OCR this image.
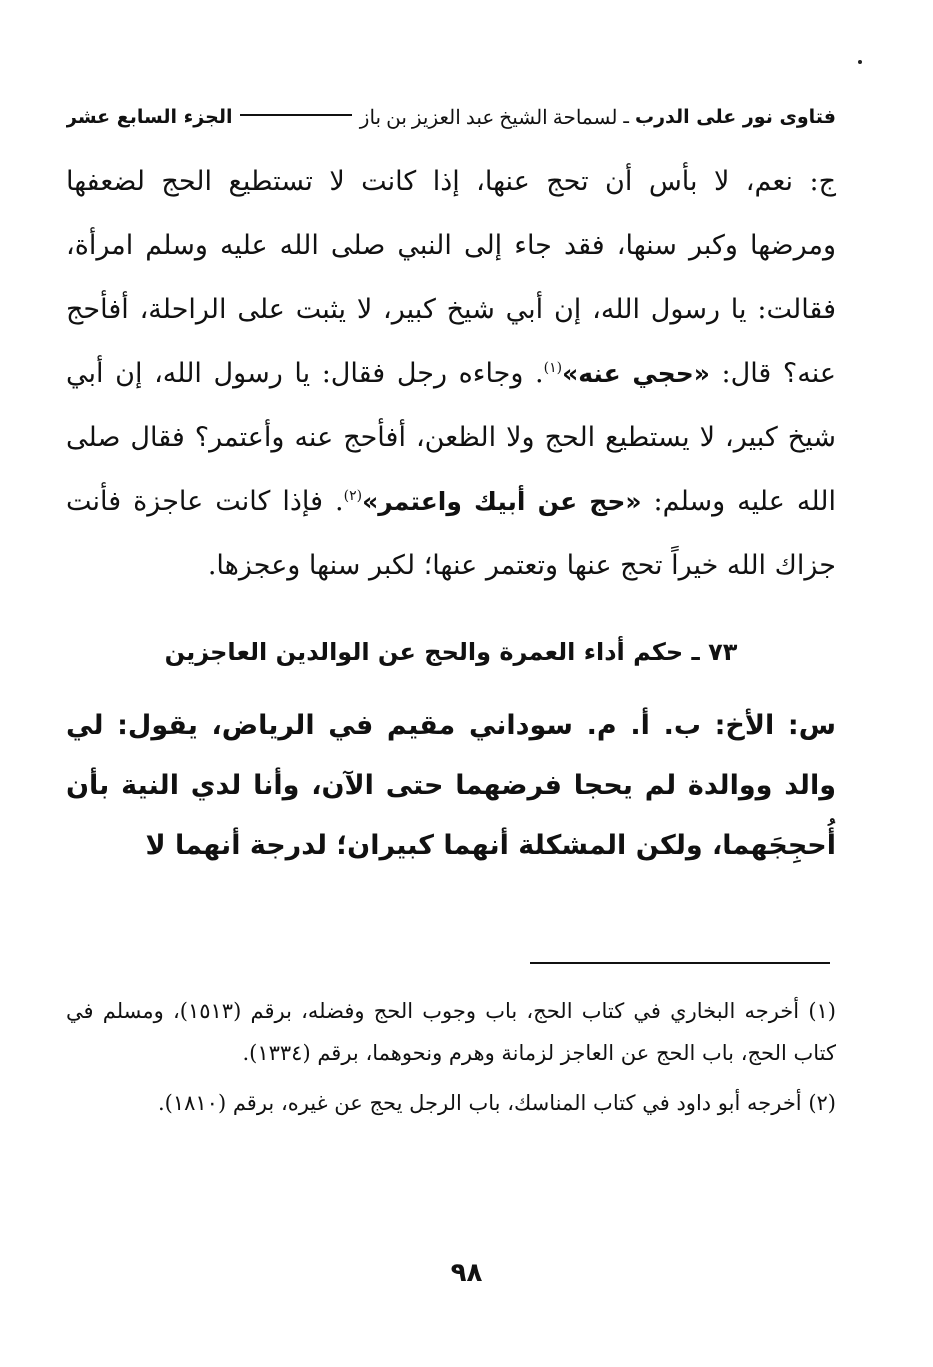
فتاوى نور على الدرب
ـ
لسماحة الشيخ عبد العزيز بن باز
الجزء السابع عشر
ج: نعم، لا بأس أن تحج عنها، إذا كانت لا تستطيع الحج لضعفها ومرضها وكبر سنها، فقد جاء إلى النبي صلى الله عليه وسلم امرأة، فقالت: يا رسول الله، إن أبي شيخ كبير، لا يثبت على الراحلة، أفأحج عنه؟ قال: «حجي عنه»$^{(١)}$. وجاءه رجل فقال: يا رسول الله، إن أبي شيخ كبير، لا يستطيع الحج ولا الظعن، أفأحج عنه وأعتمر؟ فقال صلى الله عليه وسلم: «حج عن أبيك واعتمر»$^{(٢)}$. فإذا كانت عاجزة فأنت جزاك الله خيراً تحج عنها وتعتمر عنها؛ لكبر سنها وعجزها.
٧٣ ـ حكم أداء العمرة والحج عن الوالدين العاجزين
س: الأخ: ب. أ. م. سوداني مقيم في الرياض، يقول: لي والد ووالدة لم يحجا فرضهما حتى الآن، وأنا لدي النية بأن أُحجِجَهما، ولكن المشكلة أنهما كبيران؛ لدرجة أنهما لا

(١) أخرجه البخاري في كتاب الحج، باب وجوب الحج وفضله، برقم (١٥١٣)، ومسلم في كتاب الحج، باب الحج عن العاجز لزمانة وهرم ونحوهما، برقم (١٣٣٤).

(٢) أخرجه أبو داود في كتاب المناسك، باب الرجل يحج عن غيره، برقم (١٨١٠).

٩٨
